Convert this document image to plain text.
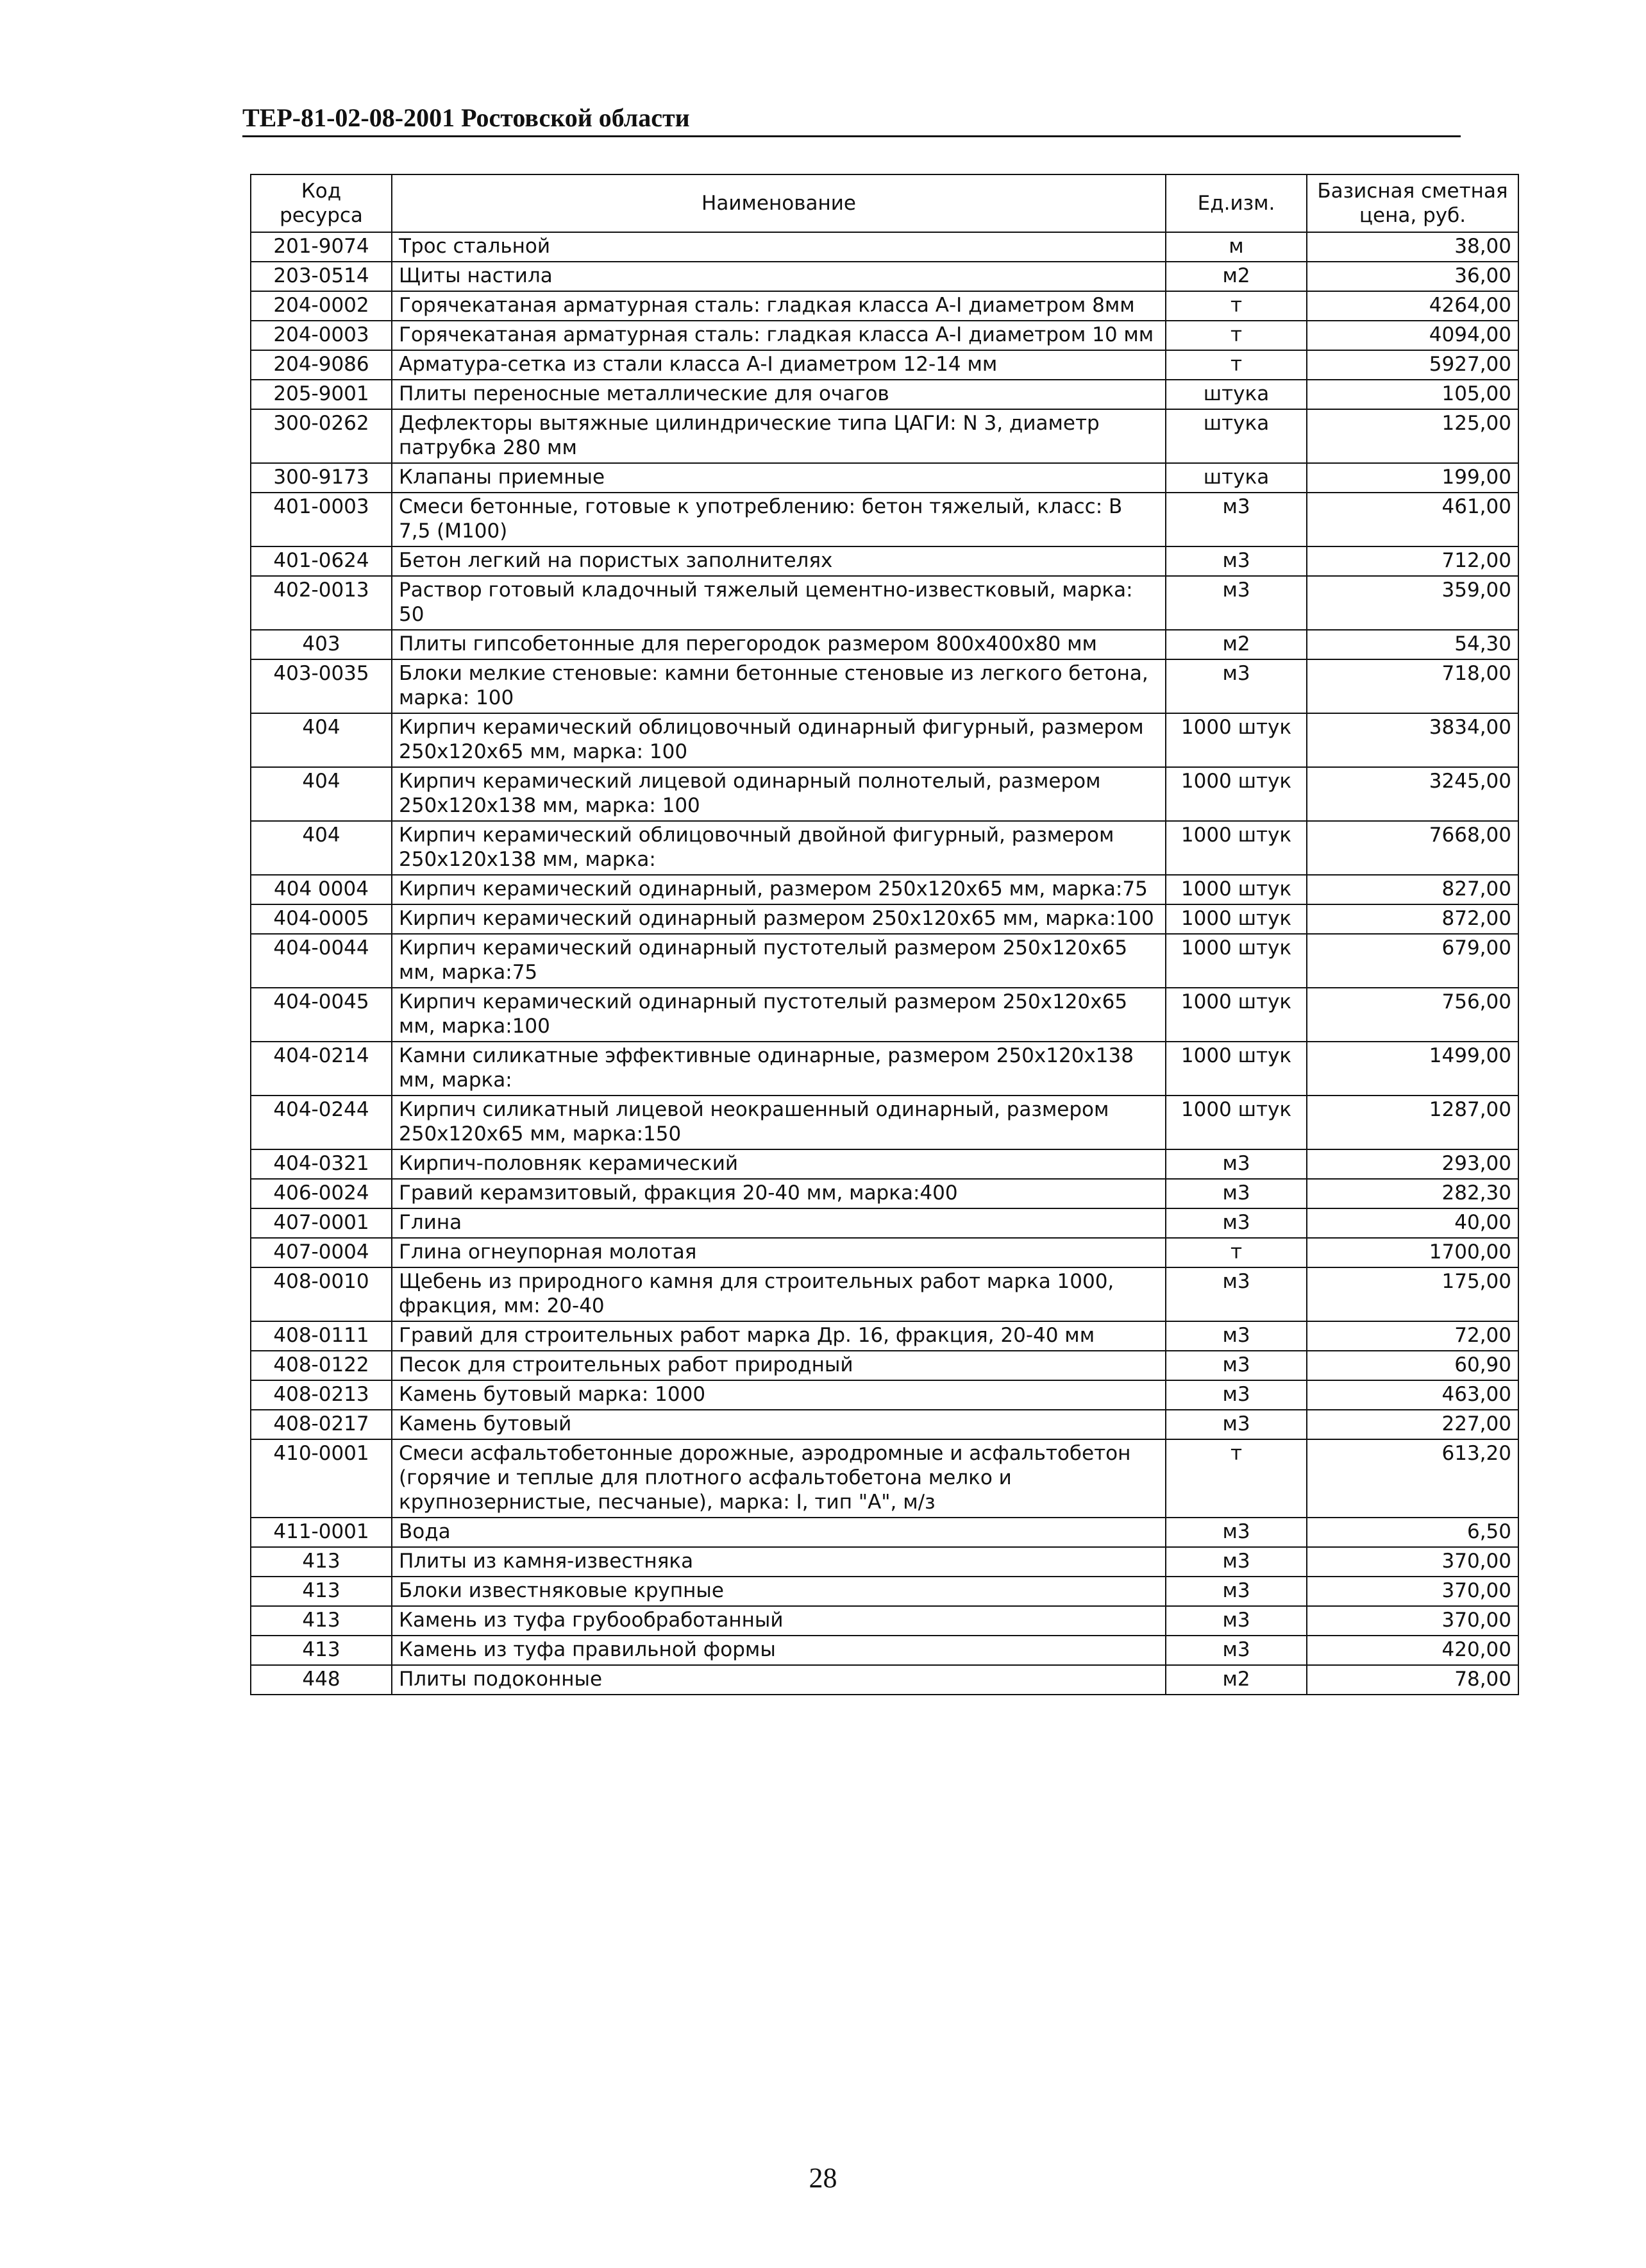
ТЕР-81-02-08-2001 Ростовской области
Код ресурса	Наименование	Ед.изм.	Базисная сметная цена, руб.
201-9074	Трос стальной	м	38,00
203-0514	Щиты настила	м2	36,00
204-0002	Горячекатаная арматурная сталь: гладкая класса А-I диаметром 8мм	т	4264,00
204-0003	Горячекатаная арматурная сталь: гладкая класса А-I диаметром 10 мм	т	4094,00
204-9086	Арматура-сетка из стали класса А-I диаметром 12-14 мм	т	5927,00
205-9001	Плиты переносные металлические для очагов	штука	105,00
300-0262	Дефлекторы вытяжные цилиндрические типа ЦАГИ: N 3, диаметр патрубка 280 мм	штука	125,00
300-9173	Клапаны приемные	штука	199,00
401-0003	Смеси бетонные, готовые к употреблению: бетон тяжелый, класс: В 7,5 (М100)	м3	461,00
401-0624	Бетон легкий на пористых заполнителях	м3	712,00
402-0013	Раствор готовый кладочный тяжелый цементно-известковый, марка: 50	м3	359,00
403	Плиты гипсобетонные для перегородок размером 800х400х80 мм	м2	54,30
403-0035	Блоки мелкие стеновые: камни бетонные стеновые из легкого бетона, марка: 100	м3	718,00
404	Кирпич керамический облицовочный одинарный фигурный, размером 250х120х65 мм, марка: 100	1000 штук	3834,00
404	Кирпич керамический лицевой одинарный полнотелый, размером 250х120х138 мм, марка: 100	1000 штук	3245,00
404	Кирпич керамический облицовочный двойной фигурный, размером 250х120х138 мм, марка:	1000 штук	7668,00
404 0004	Кирпич керамический одинарный, размером 250х120х65 мм, марка:75	1000 штук	827,00
404-0005	Кирпич керамический одинарный размером 250х120х65 мм, марка:100	1000 штук	872,00
404-0044	Кирпич керамический одинарный пустотелый размером 250х120х65 мм, марка:75	1000 штук	679,00
404-0045	Кирпич керамический одинарный пустотелый размером 250х120х65 мм, марка:100	1000 штук	756,00
404-0214	Камни силикатные эффективные одинарные, размером 250х120х138 мм, марка:	1000 штук	1499,00
404-0244	Кирпич силикатный лицевой неокрашенный одинарный, размером 250х120х65 мм, марка:150	1000 штук	1287,00
404-0321	Кирпич-половняк керамический	м3	293,00
406-0024	Гравий керамзитовый, фракция 20-40 мм, марка:400	м3	282,30
407-0001	Глина	м3	40,00
407-0004	Глина огнеупорная молотая	т	1700,00
408-0010	Щебень из природного камня для строительных работ марка 1000, фракция, мм: 20-40	м3	175,00
408-0111	Гравий для строительных работ марка Др. 16, фракция, 20-40 мм	м3	72,00
408-0122	Песок для строительных работ природный	м3	60,90
408-0213	Камень бутовый марка: 1000	м3	463,00
408-0217	Камень бутовый	м3	227,00
410-0001	Смеси асфальтобетонные дорожные, аэродромные и асфальтобетон (горячие и теплые для плотного асфальтобетона мелко и крупнозернистые, песчаные), марка: I, тип "А", м/з	т	613,20
411-0001	Вода	м3	6,50
413	Плиты из камня-известняка	м3	370,00
413	Блоки известняковые крупные	м3	370,00
413	Камень из туфа грубообработанный	м3	370,00
413	Камень из туфа правильной формы	м3	420,00
448	Плиты подоконные	м2	78,00
28
